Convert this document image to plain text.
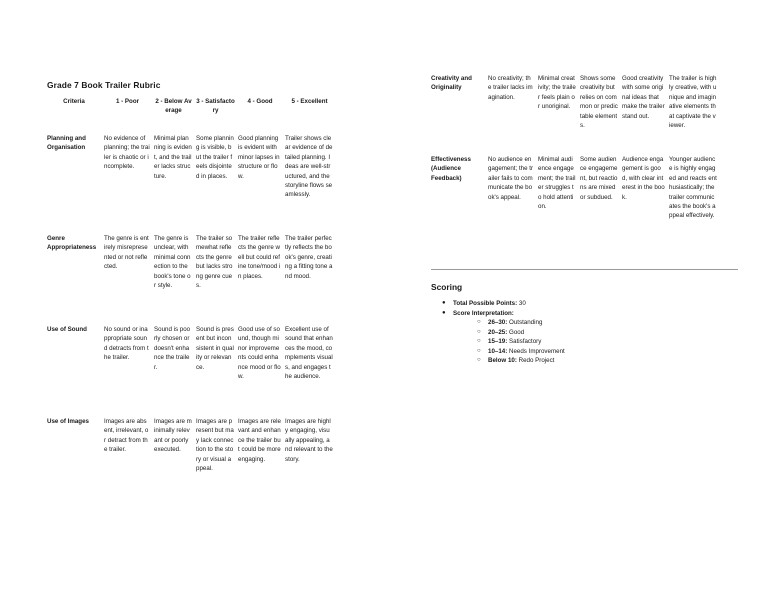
Grade 7 Book Trailer Rubric
Criteria	1 - Poor	2 - Below Average	3 - Satisfactory	4 - Good	5 - Excellent
Planning and Organisation	No evidence of planning; the trailer is chaotic or incomplete.	Minimal planning is evident, and the trailer lacks structure.	Some planning is visible, but the trailer feels disjointed in places.	Good planning is evident with minor lapses in structure or flow.	Trailer shows clear evidence of detailed planning. Ideas are well-structured, and the storyline flows seamlessly.
Genre Appropriateness	The genre is entirely misrepresented or not reflected.	The genre is unclear, with minimal connection to the book's tone or style.	The trailer somewhat reflects the genre but lacks strong genre cues.	The trailer reflects the genre well but could refine tone/mood in places.	The trailer perfectly reflects the book's genre, creating a fitting tone and mood.
Use of Sound	No sound or inappropriate sound detracts from the trailer.	Sound is poorly chosen or doesn't enhance the trailer.	Sound is present but inconsistent in quality or relevance.	Good use of sound, though minor improvements could enhance mood or flow.	Excellent use of sound that enhances the mood, complements visuals, and engages the audience.
Use of Images	Images are absent, irrelevant, or detract from the trailer.	Images are minimally relevant or poorly executed.	Images are present but may lack connection to the story or visual appeal.	Images are relevant and enhance the trailer but could be more engaging.	Images are highly engaging, visually appealing, and relevant to the story.
Creativity and Originality	No creativity; the trailer lacks imagination.	Minimal creativity; the trailer feels plain or unoriginal.	Shows some creativity but relies on common or predictable elements.	Good creativity with some original ideas that make the trailer stand out.	The trailer is highly creative, with unique and imaginative elements that captivate the viewer.
Effectiveness (Audience Feedback)	No audience engagement; the trailer fails to communicate the book's appeal.	Minimal audience engagement; the trailer struggles to hold attention.	Some audience engagement, but reactions are mixed or subdued.	Audience engagement is good, with clear interest in the book.	Younger audience is highly engaged and reacts enthusiastically; the trailer communicates the book's appeal effectively.
Scoring
● Total Possible Points: 30
● Score Interpretation:
○ 26–30: Outstanding
○ 20–25: Good
○ 15–19: Satisfactory
○ 10–14: Needs Improvement
○ Below 10: Redo Project
